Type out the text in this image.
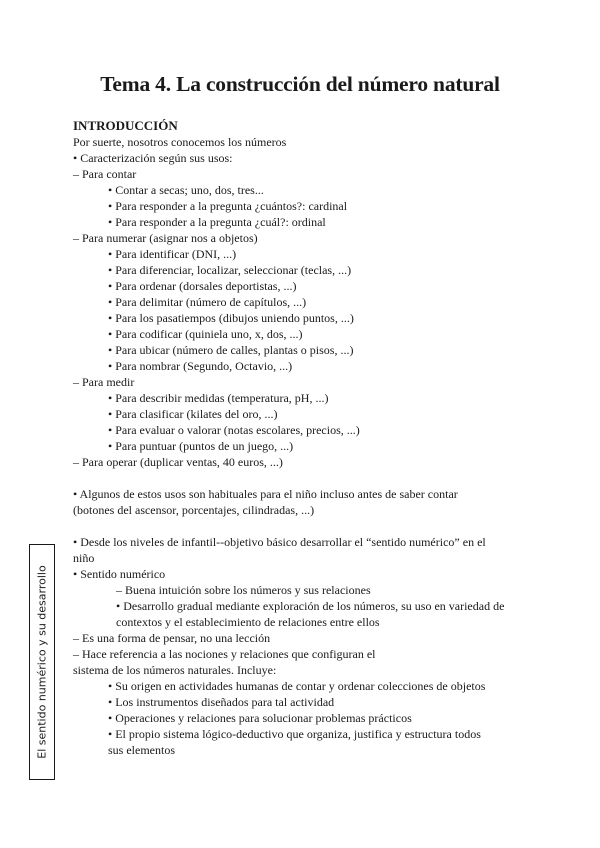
Tema 4. La construcción del número natural
INTRODUCCIÓN
El sentido numérico y su desarrollo
Por suerte, nosotros conocemos los números
• Caracterización según sus usos:
– Para contar
• Contar a secas; uno, dos, tres...
• Para responder a la pregunta ¿cuántos?: cardinal
• Para responder a la pregunta ¿cuál?: ordinal
– Para numerar (asignar nos a objetos)
• Para identificar (DNI, ...)
• Para diferenciar, localizar, seleccionar (teclas, ...)
• Para ordenar (dorsales deportistas, ...)
• Para delimitar (número de capítulos, ...)
• Para los pasatiempos (dibujos uniendo puntos, ...)
• Para codificar (quiniela uno, x, dos, ...)
• Para ubicar (número de calles, plantas o pisos, ...)
• Para nombrar (Segundo, Octavio, ...)
– Para medir
• Para describir medidas (temperatura, pH, ...)
• Para clasificar (kilates del oro, ...)
• Para evaluar o valorar (notas escolares, precios, ...)
• Para puntuar (puntos de un juego, ...)
– Para operar (duplicar ventas, 40 euros, ...)
• Algunos de estos usos son habituales para el niño incluso antes de saber contar
(botones del ascensor, porcentajes, cilindradas, ...)
• Desde los niveles de infantil--objetivo básico desarrollar el “sentido numérico” en el
niño
• Sentido numérico
– Buena intuición sobre los números y sus relaciones
• Desarrollo gradual mediante exploración de los números, su uso en variedad de
contextos y el establecimiento de relaciones entre ellos
– Es una forma de pensar, no una lección
– Hace referencia a las nociones y relaciones que configuran el
sistema de los números naturales. Incluye:
• Su origen en actividades humanas de contar y ordenar colecciones de objetos
• Los instrumentos diseñados para tal actividad
• Operaciones y relaciones para solucionar problemas prácticos
• El propio sistema lógico-deductivo que organiza, justifica y estructura todos
sus elementos
